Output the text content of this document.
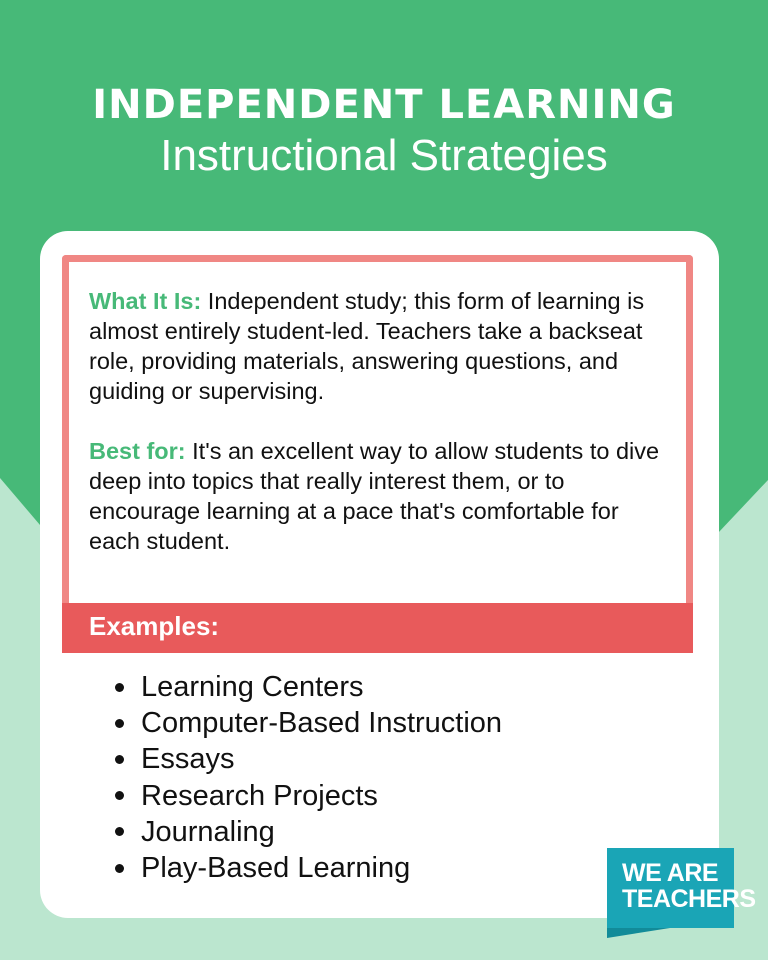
INDEPENDENT LEARNING
Instructional Strategies

What It Is: Independent study; this form of learning is almost entirely student-led. Teachers take a backseat role, providing materials, answering questions, and guiding or supervising.

Best for: It's an excellent way to allow students to dive deep into topics that really interest them, or to encourage learning at a pace that's comfortable for each student.

Examples:
Learning Centers
Computer-Based Instruction
Essays
Research Projects
Journaling
Play-Based Learning	WE ARE
TEACHERS
